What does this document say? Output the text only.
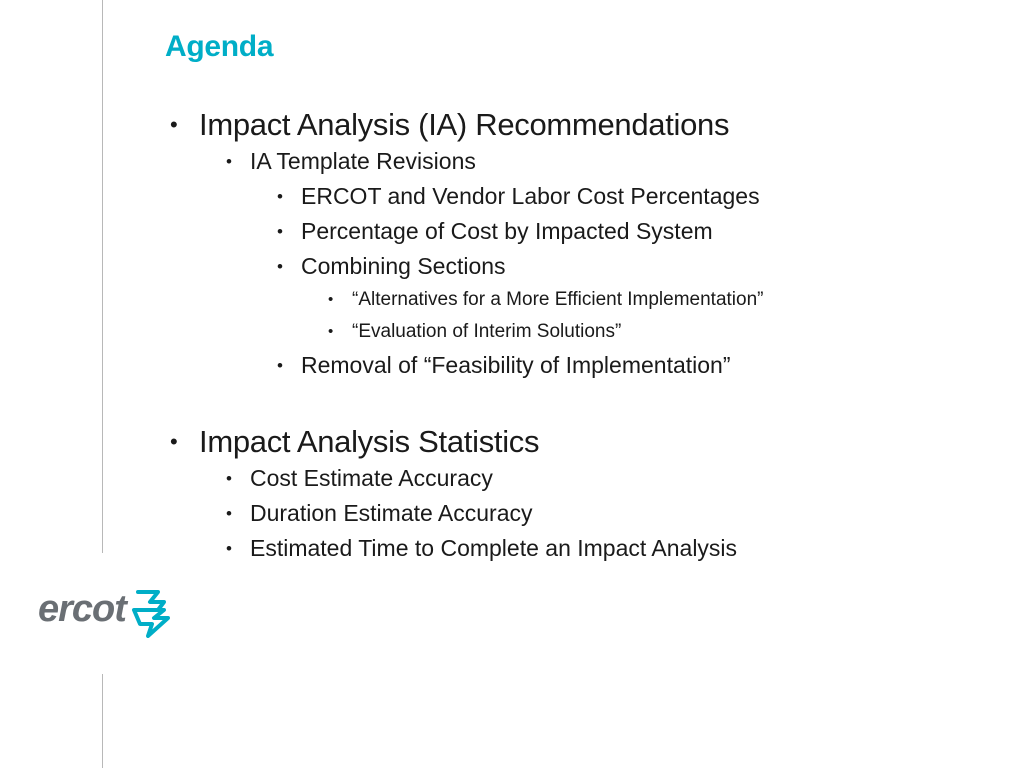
Agenda
• Impact Analysis (IA) Recommendations
• IA Template Revisions
• ERCOT and Vendor Labor Cost Percentages
• Percentage of Cost by Impacted System
• Combining Sections
• “Alternatives for a More Efficient Implementation”
• “Evaluation of Interim Solutions”
• Removal of “Feasibility of Implementation”
• Impact Analysis Statistics
• Cost Estimate Accuracy
• Duration Estimate Accuracy
• Estimated Time to Complete an Impact Analysis
ercot
